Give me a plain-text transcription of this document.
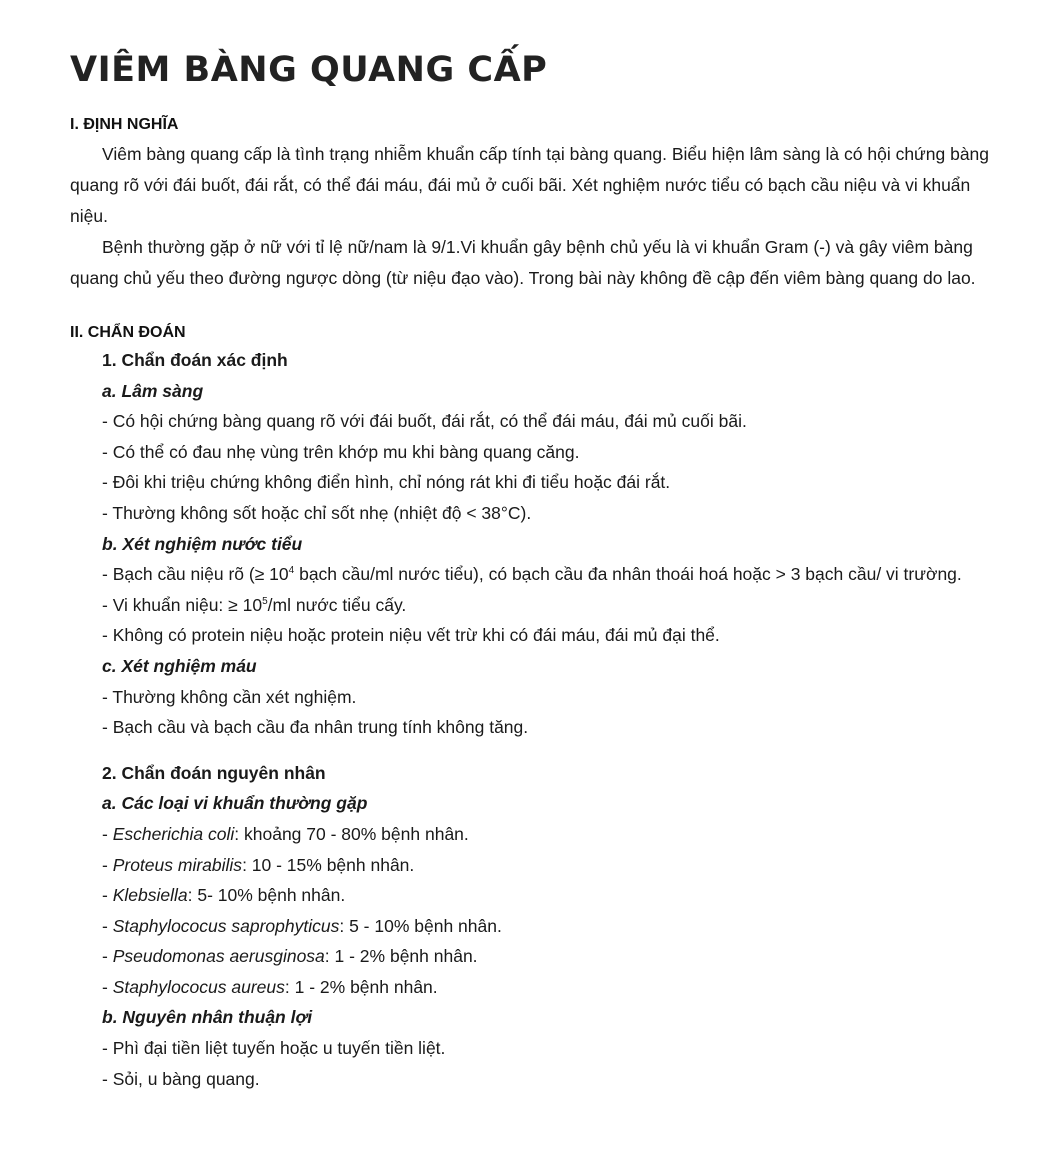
VIÊM BÀNG QUANG CẤP

I. ĐỊNH NGHĨA

Viêm bàng quang cấp là tình trạng nhiễm khuẩn cấp tính tại bàng quang. Biểu hiện lâm sàng là có hội chứng bàng quang rõ với đái buốt, đái rắt, có thể đái máu, đái mủ ở cuối bãi. Xét nghiệm nước tiểu có bạch cầu niệu và vi khuẩn niệu.

Bệnh thường gặp ở nữ với tỉ lệ nữ/nam là 9/1.Vi khuẩn gây bệnh chủ yếu là vi khuẩn Gram (-) và gây viêm bàng quang chủ yếu theo đường ngược dòng (từ niệu đạo vào). Trong bài này không đề cập đến viêm bàng quang do lao.

II. CHẨN ĐOÁN

1. Chẩn đoán xác định

a. Lâm sàng

- Có hội chứng bàng quang rõ với đái buốt, đái rắt, có thể đái máu, đái mủ cuối bãi.

- Có thể có đau nhẹ vùng trên khớp mu khi bàng quang căng.

- Đôi khi triệu chứng không điển hình, chỉ nóng rát khi đi tiểu hoặc đái rắt.

- Thường không sốt hoặc chỉ sốt nhẹ (nhiệt độ < 38°C).

b. Xét nghiệm nước tiểu

- Bạch cầu niệu rõ (≥ $10^4$ bạch cầu/ml nước tiểu), có bạch cầu đa nhân thoái hoá hoặc > 3 bạch cầu/ vi trường.

- Vi khuẩn niệu: ≥ $10^5/ml$ nước tiểu cấy.

- Không có protein niệu hoặc protein niệu vết trừ khi có đái máu, đái mủ đại thể.

c. Xét nghiệm máu

- Thường không cần xét nghiệm.

- Bạch cầu và bạch cầu đa nhân trung tính không tăng.

2. Chẩn đoán nguyên nhân

a. Các loại vi khuẩn thường gặp

- Escherichia coli: khoảng 70 - 80% bệnh nhân.

- Proteus mirabilis: 10 - 15% bệnh nhân.

- Klebsiella: 5- 10% bệnh nhân.

- Staphylococus saprophyticus: 5 - 10% bệnh nhân.

- Pseudomonas aerusginosa: 1 - 2% bệnh nhân.

- Staphylococus aureus: 1 - 2% bệnh nhân.

b. Nguyên nhân thuận lợi

- Phì đại tiền liệt tuyến hoặc u tuyến tiền liệt.

- Sỏi, u bàng quang.
